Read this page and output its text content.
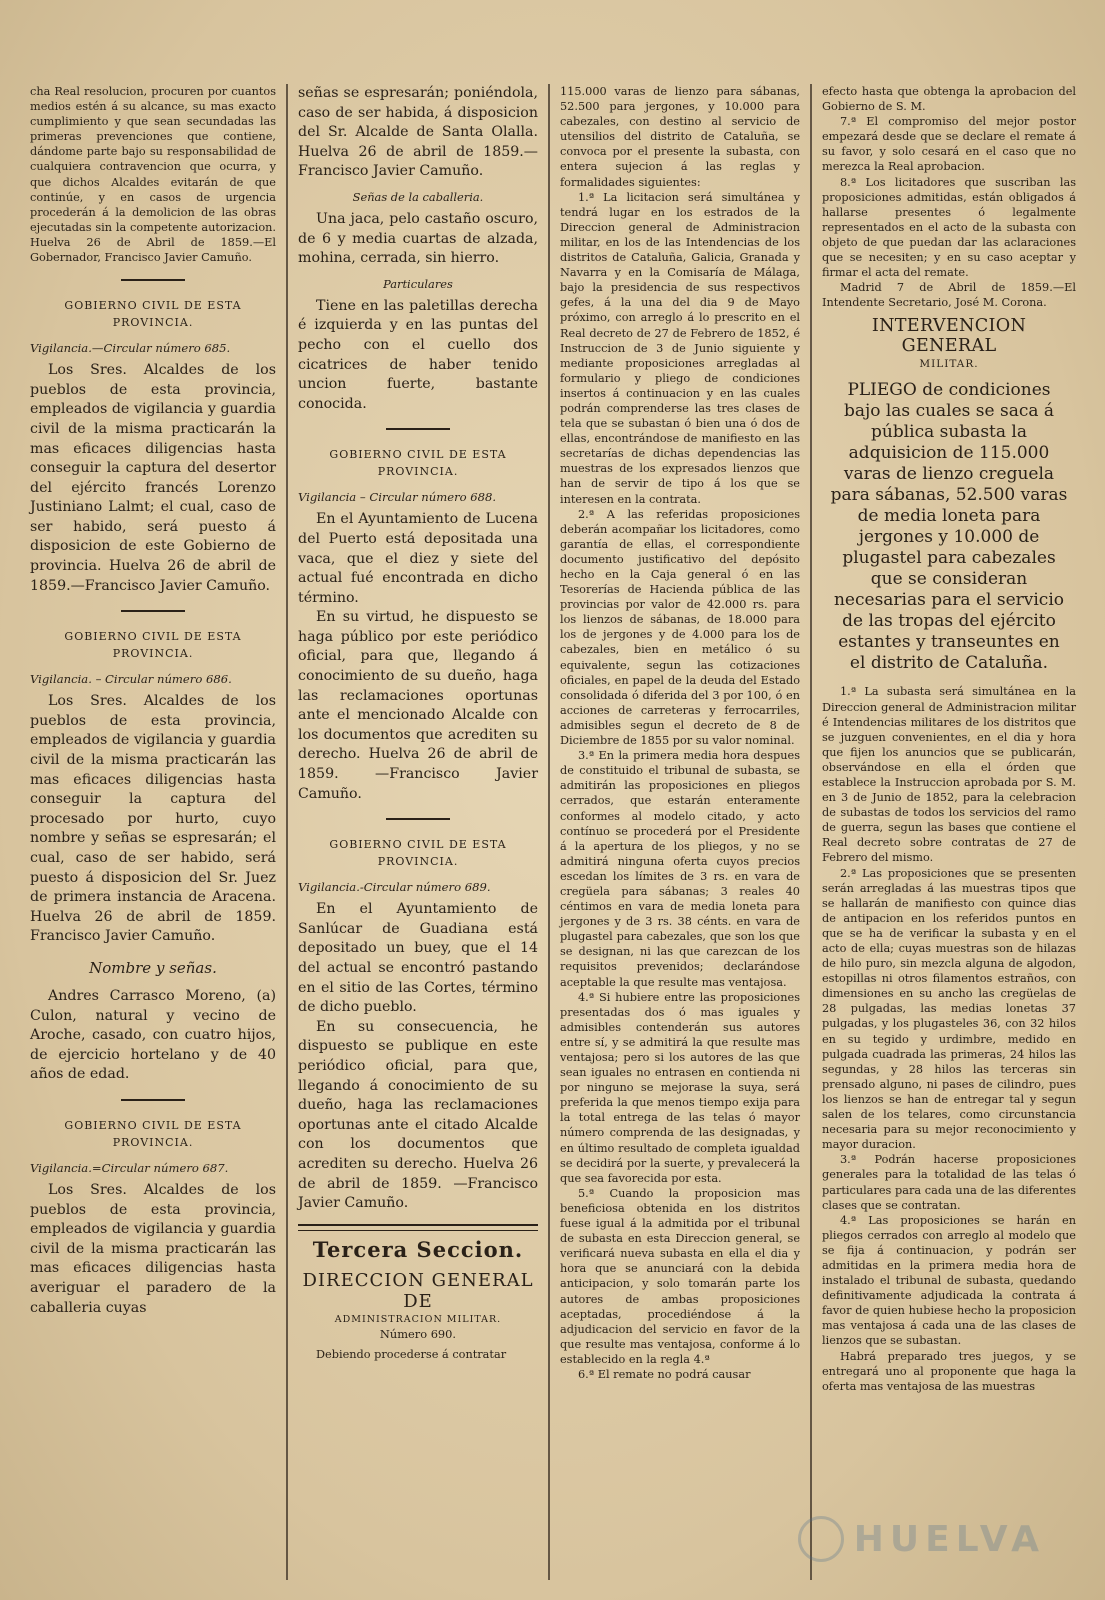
cha Real resolucion, procuren por cuantos medios estén á su alcance, su mas exacto cumplimiento y que sean secundadas las primeras prevenciones que contiene, dándome parte bajo su responsabilidad de cualquiera contravencion que ocurra, y que dichos Alcaldes evitarán de que continúe, y en casos de urgencia procederán á la demolicion de las obras ejecutadas sin la competente autorizacion. Huelva 26 de Abril de 1859.—El Gobernador, Francisco Javier Camuño.

GOBIERNO CIVIL DE ESTA PROVINCIA.
Vigilancia.—Circular número 685.

Los Sres. Alcaldes de los pueblos de esta provincia, empleados de vigilancia y guardia civil de la misma practicarán la mas eficaces diligencias hasta conseguir la captura del desertor del ejército francés Lorenzo Justiniano Lalmt; el cual, caso de ser habido, será puesto á disposicion de este Gobierno de provincia. Huelva 26 de abril de 1859.—Francisco Javier Camuño.

GOBIERNO CIVIL DE ESTA PROVINCIA.
Vigilancia. – Circular número 686.

Los Sres. Alcaldes de los pueblos de esta provincia, empleados de vigilancia y guardia civil de la misma practicarán las mas eficaces diligencias hasta conseguir la captura del procesado por hurto, cuyo nombre y señas se espresarán; el cual, caso de ser habido, será puesto á disposicion del Sr. Juez de primera instancia de Aracena. Huelva 26 de abril de 1859. Francisco Javier Camuño.

Nombre y señas.

Andres Carrasco Moreno, (a) Culon, natural y vecino de Aroche, casado, con cuatro hijos, de ejercicio hortelano y de 40 años de edad.

GOBIERNO CIVIL DE ESTA PROVINCIA.
Vigilancia.=Circular número 687.

Los Sres. Alcaldes de los pueblos de esta provincia, empleados de vigilancia y guardia civil de la misma practicarán las mas eficaces diligencias hasta averiguar el paradero de la caballeria cuyas

señas se espresarán; poniéndola, caso de ser habida, á disposicion del Sr. Alcalde de Santa Olalla. Huelva 26 de abril de 1859.—Francisco Javier Camuño.

Señas de la caballeria.

Una jaca, pelo castaño oscuro, de 6 y media cuartas de alzada, mohina, cerrada, sin hierro.

Particulares

Tiene en las paletillas derecha é izquierda y en las puntas del pecho con el cuello dos cicatrices de haber tenido uncion fuerte, bastante conocida.

GOBIERNO CIVIL DE ESTA PROVINCIA.
Vigilancia – Circular número 688.

En el Ayuntamiento de Lucena del Puerto está depositada una vaca, que el diez y siete del actual fué encontrada en dicho término.

En su virtud, he dispuesto se haga público por este periódico oficial, para que, llegando á conocimiento de su dueño, haga las reclamaciones oportunas ante el mencionado Alcalde con los documentos que acrediten su derecho. Huelva 26 de abril de 1859. —Francisco Javier Camuño.

GOBIERNO CIVIL DE ESTA PROVINCIA.
Vigilancia.-Circular número 689.

En el Ayuntamiento de Sanlúcar de Guadiana está depositado un buey, que el 14 del actual se encontró pastando en el sitio de las Cortes, término de dicho pueblo.

En su consecuencia, he dispuesto se publique en este periódico oficial, para que, llegando á conocimiento de su dueño, haga las reclamaciones oportunas ante el citado Alcalde con los documentos que acrediten su derecho. Huelva 26 de abril de 1859. —Francisco Javier Camuño.

Tercera Seccion.
DIRECCION GENERAL DE
ADMINISTRACION MILITAR.
Número 690.

Debiendo procederse á contratar

115.000 varas de lienzo para sábanas, 52.500 para jergones, y 10.000 para cabezales, con destino al servicio de utensilios del distrito de Cataluña, se convoca por el presente la subasta, con entera sujecion á las reglas y formalidades siguientes:

1.ª La licitacion será simultánea y tendrá lugar en los estrados de la Direccion general de Administracion militar, en los de las Intendencias de los distritos de Cataluña, Galicia, Granada y Navarra y en la Comisaría de Málaga, bajo la presidencia de sus respectivos gefes, á la una del dia 9 de Mayo próximo, con arreglo á lo prescrito en el Real decreto de 27 de Febrero de 1852, é Instruccion de 3 de Junio siguiente y mediante proposiciones arregladas al formulario y pliego de condiciones insertos á continuacion y en las cuales podrán comprenderse las tres clases de tela que se subastan ó bien una ó dos de ellas, encontrándose de manifiesto en las secretarías de dichas dependencias las muestras de los expresados lienzos que han de servir de tipo á los que se interesen en la contrata.

2.ª A las referidas proposiciones deberán acompañar los licitadores, como garantía de ellas, el correspondiente documento justificativo del depósito hecho en la Caja general ó en las Tesorerías de Hacienda pública de las provincias por valor de 42.000 rs. para los lienzos de sábanas, de 18.000 para los de jergones y de 4.000 para los de cabezales, bien en metálico ó su equivalente, segun las cotizaciones oficiales, en papel de la deuda del Estado consolidada ó diferida del 3 por 100, ó en acciones de carreteras y ferrocarriles, admisibles segun el decreto de 8 de Diciembre de 1855 por su valor nominal.

3.ª En la primera media hora despues de constituido el tribunal de subasta, se admitirán las proposiciones en pliegos cerrados, que estarán enteramente conformes al modelo citado, y acto contínuo se procederá por el Presidente á la apertura de los pliegos, y no se admitirá ninguna oferta cuyos precios escedan los límites de 3 rs. en vara de cregüela para sábanas; 3 reales 40 céntimos en vara de media loneta para jergones y de 3 rs. 38 cénts. en vara de plugastel para cabezales, que son los que se designan, ni las que carezcan de los requisitos prevenidos; declarándose aceptable la que resulte mas ventajosa.

4.ª Si hubiere entre las proposiciones presentadas dos ó mas iguales y admisibles contenderán sus autores entre sí, y se admitirá la que resulte mas ventajosa; pero si los autores de las que sean iguales no entrasen en contienda ni por ninguno se mejorase la suya, será preferida la que menos tiempo exija para la total entrega de las telas ó mayor número comprenda de las designadas, y en último resultado de completa igualdad se decidirá por la suerte, y prevalecerá la que sea favorecida por esta.

5.ª Cuando la proposicion mas beneficiosa obtenida en los distritos fuese igual á la admitida por el tribunal de subasta en esta Direccion general, se verificará nueva subasta en ella el dia y hora que se anunciará con la debida anticipacion, y solo tomarán parte los autores de ambas proposiciones aceptadas, procediéndose á la adjudicacion del servicio en favor de la que resulte mas ventajosa, conforme á lo establecido en la regla 4.ª

6.ª El remate no podrá causar

efecto hasta que obtenga la aprobacion del Gobierno de S. M.

7.ª El compromiso del mejor postor empezará desde que se declare el remate á su favor, y solo cesará en el caso que no merezca la Real aprobacion.

8.ª Los licitadores que suscriban las proposiciones admitidas, están obligados á hallarse presentes ó legalmente representados en el acto de la subasta con objeto de que puedan dar las aclaraciones que se necesiten; y en su caso aceptar y firmar el acta del remate.

Madrid 7 de Abril de 1859.—El Intendente Secretario, José M. Corona.

INTERVENCION GENERAL
MILITAR.

PLIEGO de condiciones bajo las cuales se saca á pública subasta la adquisicion de 115.000 varas de lienzo creguela para sábanas, 52.500 varas de media loneta para jergones y 10.000 de plugastel para cabezales que se consideran necesarias para el servicio de las tropas del ejército estantes y transeuntes en el distrito de Cataluña.

1.ª La subasta será simultánea en la Direccion general de Administracion militar é Intendencias militares de los distritos que se juzguen convenientes, en el dia y hora que fijen los anuncios que se publicarán, observándose en ella el órden que establece la Instruccion aprobada por S. M. en 3 de Junio de 1852, para la celebracion de subastas de todos los servicios del ramo de guerra, segun las bases que contiene el Real decreto sobre contratas de 27 de Febrero del mismo.

2.ª Las proposiciones que se presenten serán arregladas á las muestras tipos que se hallarán de manifiesto con quince dias de antipacion en los referidos puntos en que se ha de verificar la subasta y en el acto de ella; cuyas muestras son de hilazas de hilo puro, sin mezcla alguna de algodon, estopillas ni otros filamentos estraños, con dimensiones en su ancho las cregüelas de 28 pulgadas, las medias lonetas 37 pulgadas, y los plugasteles 36, con 32 hilos en su tegido y urdimbre, medido en pulgada cuadrada las primeras, 24 hilos las segundas, y 28 hilos las terceras sin prensado alguno, ni pases de cilindro, pues los lienzos se han de entregar tal y segun salen de los telares, como circunstancia necesaria para su mejor reconocimiento y mayor duracion.

3.ª Podrán hacerse proposiciones generales para la totalidad de las telas ó particulares para cada una de las diferentes clases que se contratan.

4.ª Las proposiciones se harán en pliegos cerrados con arreglo al modelo que se fija á continuacion, y podrán ser admitidas en la primera media hora de instalado el tribunal de subasta, quedando definitivamente adjudicada la contrata á favor de quien hubiese hecho la proposicion mas ventajosa á cada una de las clases de lienzos que se subastan.

Habrá preparado tres juegos, y se entregará uno al proponente que haga la oferta mas ventajosa de las muestras

HUELVA
